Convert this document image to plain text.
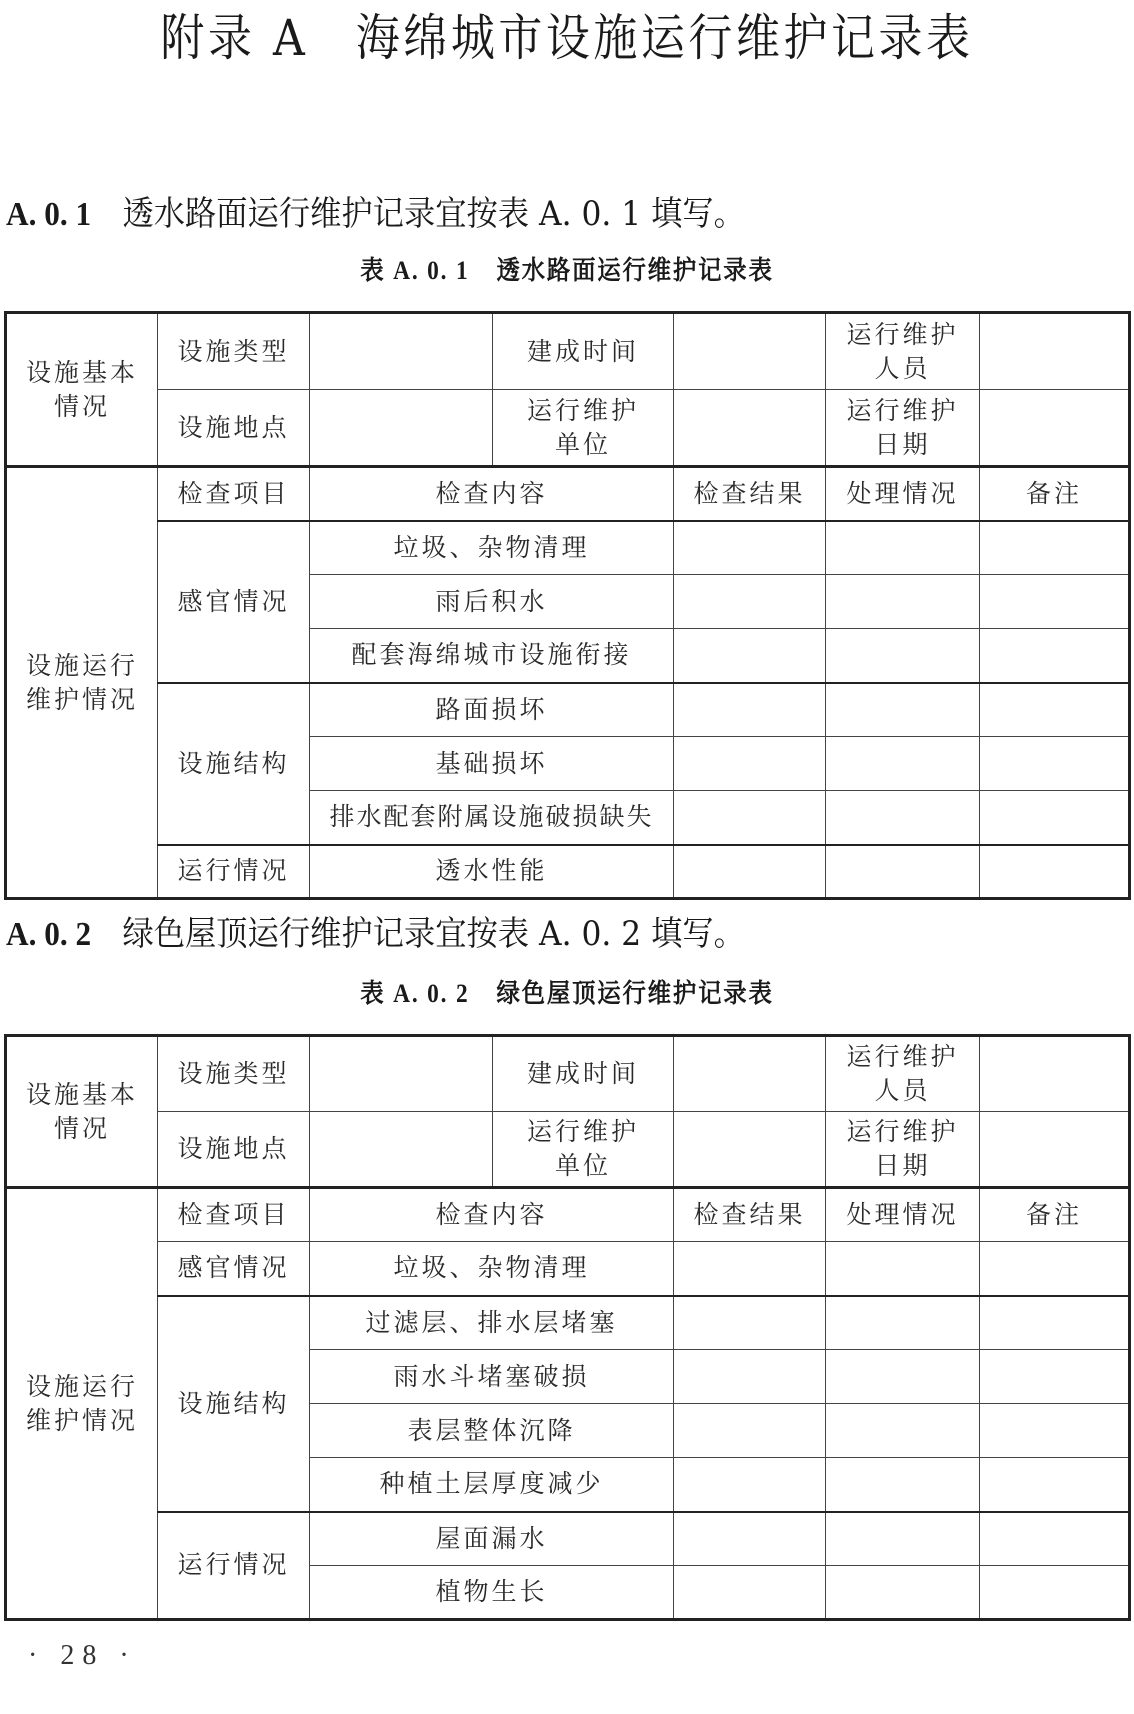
附录 A　海绵城市设施运行维护记录表
A. 0. 1 透水路面运行维护记录宜按表 A. 0. 1 填写。
表 A. 0. 1 透水路面运行维护记录表
设施基本情况	设施类型		建成时间		运行维护人员	
	设施地点		运行维护单位		运行维护日期	
设施运行维护情况	检查项目	检查内容		检查结果	处理情况	备注
	感官情况	垃圾、杂物清理				
		雨后积水				
		配套海绵城市设施衔接				
	设施结构	路面损坏				
		基础损坏				
		排水配套附属设施破损缺失				
	运行情况	透水性能				
A. 0. 2 绿色屋顶运行维护记录宜按表 A. 0. 2 填写。
表 A. 0. 2 绿色屋顶运行维护记录表
设施基本情况	设施类型		建成时间		运行维护人员	
	设施地点		运行维护单位		运行维护日期	
设施运行维护情况	检查项目	检查内容		检查结果	处理情况	备注
	感官情况	垃圾、杂物清理				
	设施结构	过滤层、排水层堵塞				
		雨水斗堵塞破损				
		表层整体沉降				
		种植土层厚度减少				
	运行情况	屋面漏水				
		植物生长				
· 28 ·
